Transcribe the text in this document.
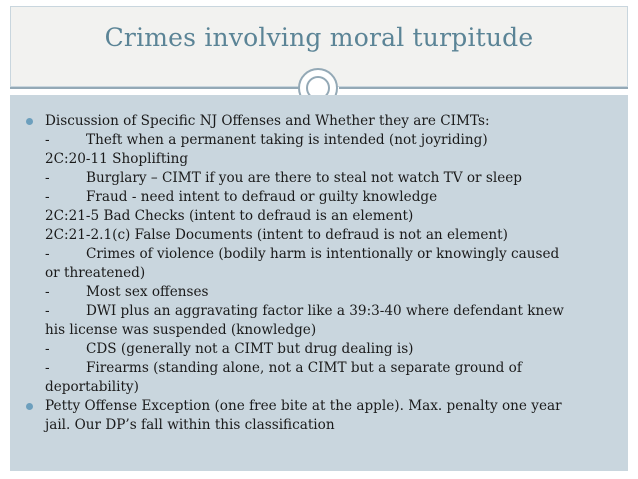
Crimes involving moral turpitude
Discussion of Specific NJ Offenses and Whether they are CIMTs:
-	Theft when a permanent taking is intended (not joyriding)
2C:20-11 Shoplifting
-	Burglary – CIMT if you are there to steal not watch TV or sleep
-	Fraud - need intent to defraud or guilty knowledge
2C:21-5 Bad Checks (intent to defraud is an element)
2C:21-2.1(c) False Documents (intent to defraud is not an element)
-	Crimes of violence (bodily harm is intentionally or knowingly caused
or threatened)
-	Most sex offenses
-	DWI plus an aggravating factor like a 39:3-40 where defendant knew
his license was suspended (knowledge)
-	CDS (generally not a CIMT but drug dealing is)
-	Firearms (standing alone, not a CIMT but a separate ground of
deportability)
Petty Offense Exception (one free bite at the apple). Max. penalty one year
jail. Our DP’s fall within this classification
